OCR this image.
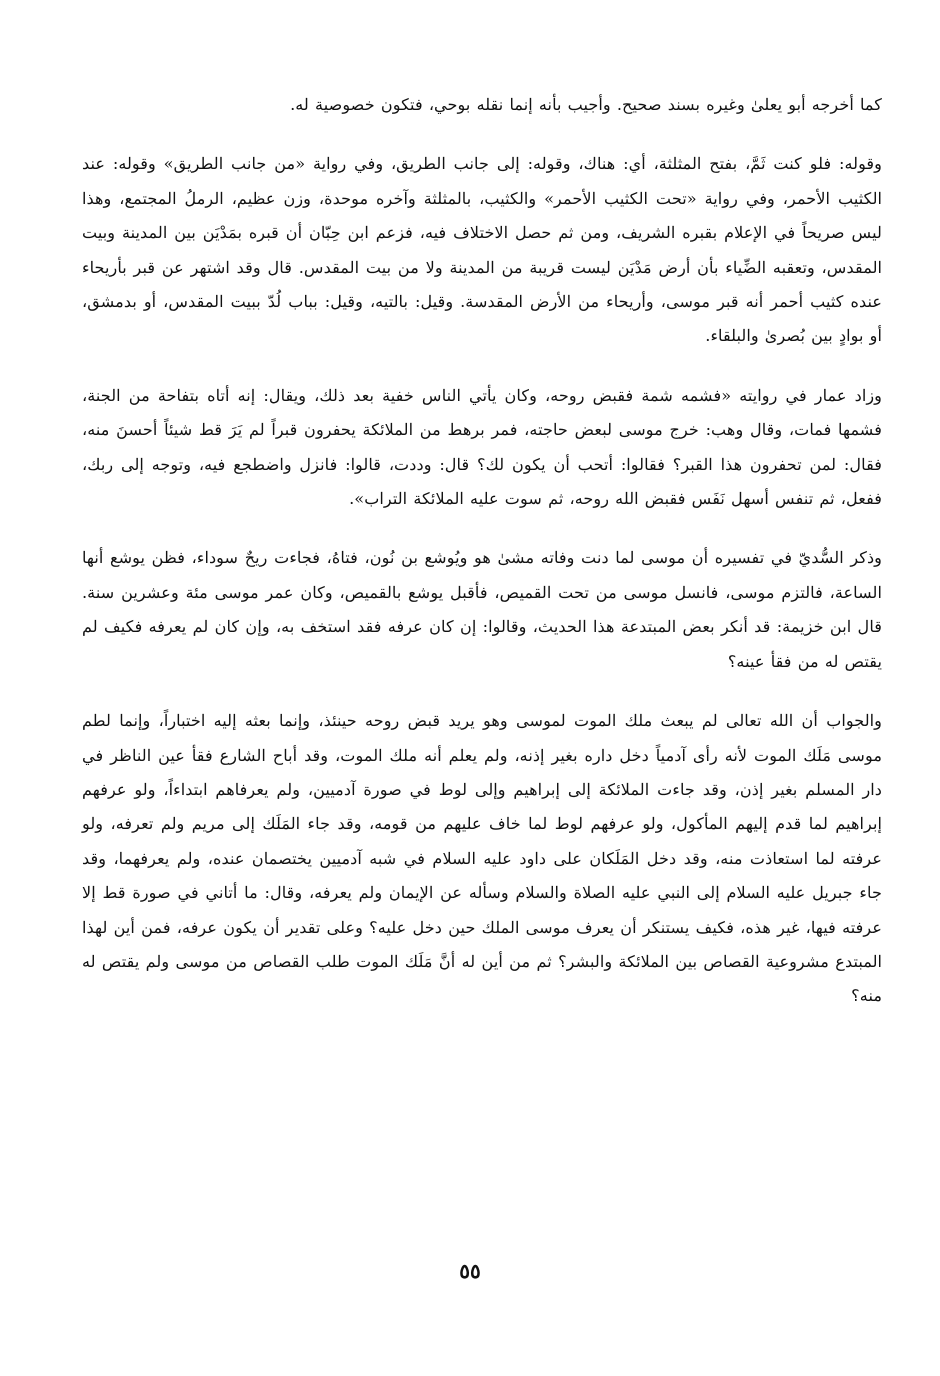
كما أخرجه أبو يعلىٰ وغيره بسند صحيح. وأجيب بأنه إنما نقله بوحي، فتكون خصوصية له.

وقوله: فلو كنت ثَمَّ، بفتح المثلثة، أي: هناك، وقوله: إلى جانب الطريق، وفي رواية «من جانب الطريق» وقوله: عند الكثيب الأحمر، وفي رواية «تحت الكثيب الأحمر» والكثيب، بالمثلثة وآخره موحدة، وزن عظيم، الرملُ المجتمع، وهذا ليس صريحاً في الإعلام بقبره الشريف، ومن ثم حصل الاختلاف فيه، فزعم ابن حِبّان أن قبره بمَدْيَن بين المدينة وبيت المقدس، وتعقبه الضِّياء بأن أرض مَدْيَن ليست قريبة من المدينة ولا من بيت المقدس. قال وقد اشتهر عن قبر بأريحاء عنده كثيب أحمر أنه قبر موسى، وأريحاء من الأرض المقدسة. وقيل: بالتيه، وقيل: بباب لُدّ ببيت المقدس، أو بدمشق، أو بوادٍ بين بُصرىٰ والبلقاء.

وزاد عمار في روايته «فشمه شمة فقبض روحه، وكان يأتي الناس خفية بعد ذلك، ويقال: إنه أتاه بتفاحة من الجنة، فشمها فمات، وقال وهب: خرج موسى لبعض حاجته، فمر برهط من الملائكة يحفرون قبراً لم يَرَ قط شيئاً أحسنَ منه، فقال: لمن تحفرون هذا القبر؟ فقالوا: أتحب أن يكون لك؟ قال: وددت، قالوا: فانزل واضطجع فيه، وتوجه إلى ربك، ففعل، ثم تنفس أسهل نَفَس فقبض الله روحه، ثم سوت عليه الملائكة التراب».

وذكر السُّديّ في تفسيره أن موسى لما دنت وفاته مشىٰ هو ويُوشع بن نُون، فتاهُ، فجاءت ريحٌ سوداء، فظن يوشع أنها الساعة، فالتزم موسى، فانسل موسى من تحت القميص، فأقبل يوشع بالقميص، وكان عمر موسى مئة وعشرين سنة. قال ابن خزيمة: قد أنكر بعض المبتدعة هذا الحديث، وقالوا: إن كان عرفه فقد استخف به، وإن كان لم يعرفه فكيف لم يقتص له من فقأ عينه؟

والجواب أن الله تعالى لم يبعث ملك الموت لموسى وهو يريد قبض روحه حينئذ، وإنما بعثه إليه اختباراً، وإنما لطم موسى مَلَك الموت لأنه رأى آدمياً دخل داره بغير إذنه، ولم يعلم أنه ملك الموت، وقد أباح الشارع فقأ عين الناظر في دار المسلم بغير إذن، وقد جاءت الملائكة إلى إبراهيم وإلى لوط في صورة آدميين، ولم يعرفاهم ابتداءاً، ولو عرفهم إبراهيم لما قدم إليهم المأكول، ولو عرفهم لوط لما خاف عليهم من قومه، وقد جاء المَلَك إلى مريم ولم تعرفه، ولو عرفته لما استعاذت منه، وقد دخل المَلَكان على داود عليه السلام في شبه آدميين يختصمان عنده، ولم يعرفهما، وقد جاء جبريل عليه السلام إلى النبي عليه الصلاة والسلام وسأله عن الإيمان ولم يعرفه، وقال: ما أتاني في صورة قط إلا عرفته فيها، غير هذه، فكيف يستنكر أن يعرف موسى الملك حين دخل عليه؟ وعلى تقدير أن يكون عرفه، فمن أين لهذا المبتدع مشروعية القصاص بين الملائكة والبشر؟ ثم من أين له أنَّ مَلَك الموت طلب القصاص من موسى ولم يقتص له منه؟

٥٥
